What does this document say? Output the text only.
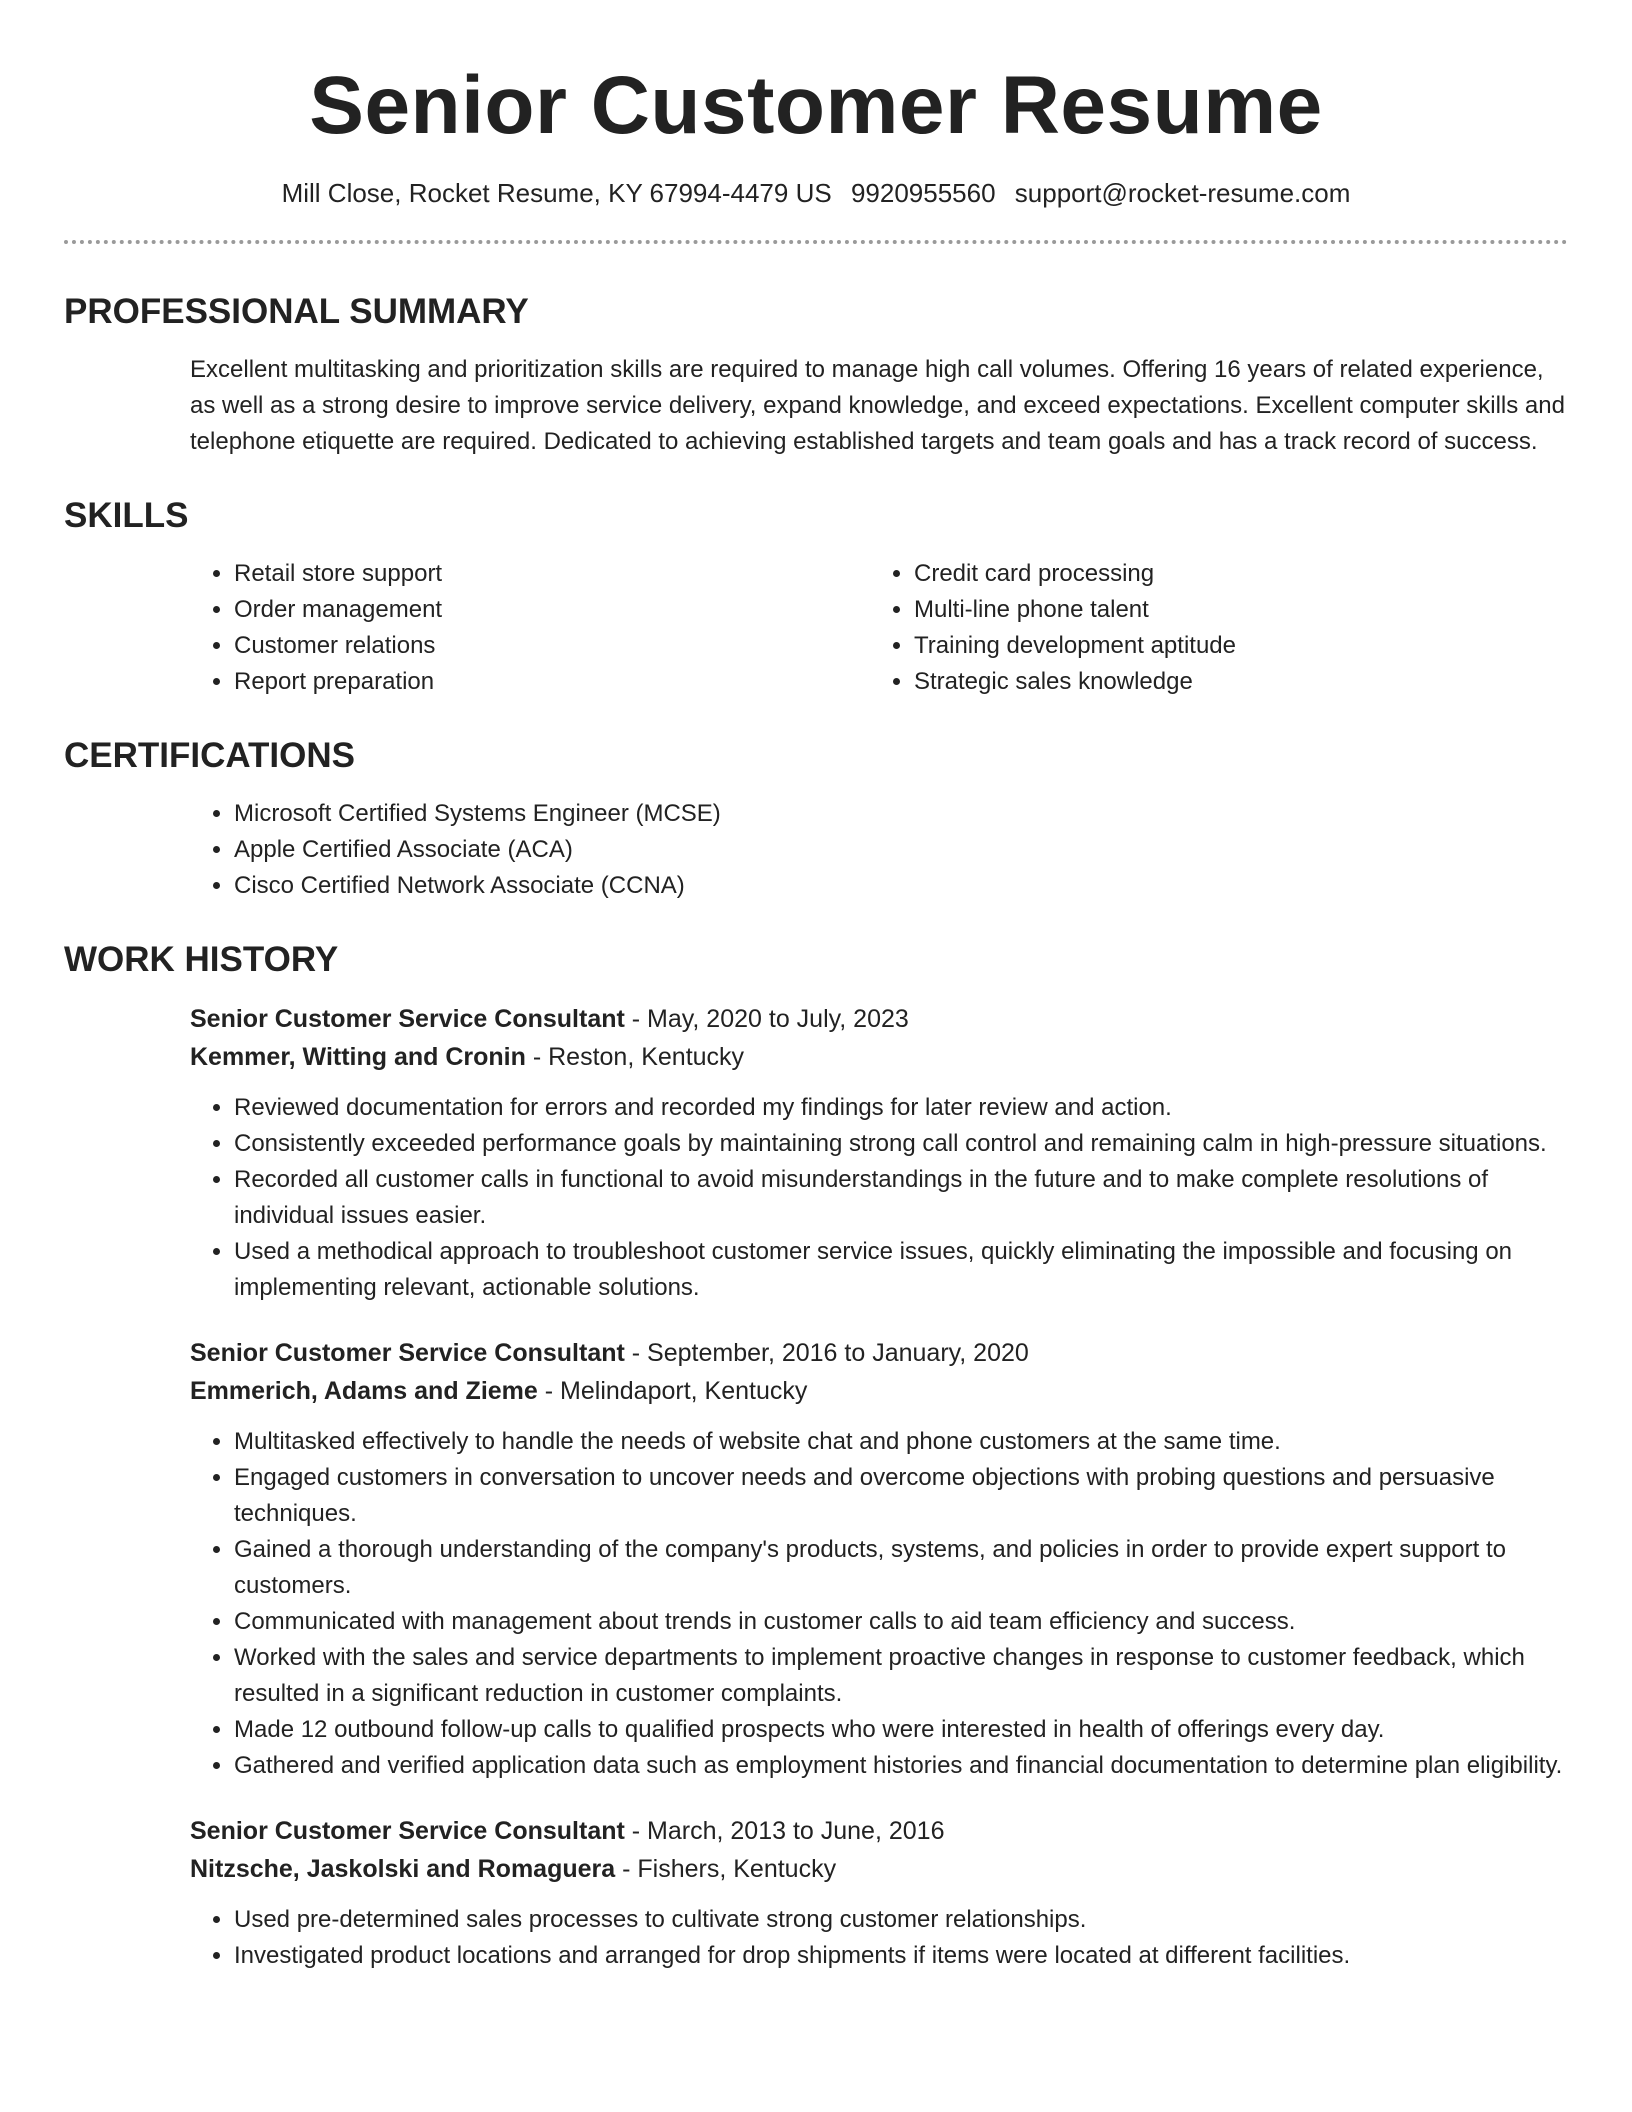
Senior Customer Resume
Mill Close, Rocket Resume, KY 67994-4479 US 9920955560 support@rocket-resume.com
PROFESSIONAL SUMMARY

Excellent multitasking and prioritization skills are required to manage high call volumes. Offering 16 years of related experience, as well as a strong desire to improve service delivery, expand knowledge, and exceed expectations. Excellent computer skills and telephone etiquette are required. Dedicated to achieving established targets and team goals and has a track record of success.

SKILLS
• Retail store support
• Order management
• Customer relations
• Report preparation
• Credit card processing
• Multi-line phone talent
• Training development aptitude
• Strategic sales knowledge
CERTIFICATIONS
• Microsoft Certified Systems Engineer (MCSE)
• Apple Certified Associate (ACA)
• Cisco Certified Network Associate (CCNA)
WORK HISTORY

Senior Customer Service Consultant - May, 2020 to July, 2023

Kemmer, Witting and Cronin - Reston, Kentucky

• Reviewed documentation for errors and recorded my findings for later review and action.
• Consistently exceeded performance goals by maintaining strong call control and remaining calm in high-pressure situations.
• Recorded all customer calls in functional to avoid misunderstandings in the future and to make complete resolutions of individual issues easier.
• Used a methodical approach to troubleshoot customer service issues, quickly eliminating the impossible and focusing on implementing relevant, actionable solutions.

Senior Customer Service Consultant - September, 2016 to January, 2020

Emmerich, Adams and Zieme - Melindaport, Kentucky

• Multitasked effectively to handle the needs of website chat and phone customers at the same time.
• Engaged customers in conversation to uncover needs and overcome objections with probing questions and persuasive techniques.
• Gained a thorough understanding of the company's products, systems, and policies in order to provide expert support to customers.
• Communicated with management about trends in customer calls to aid team efficiency and success.
• Worked with the sales and service departments to implement proactive changes in response to customer feedback, which resulted in a significant reduction in customer complaints.
• Made 12 outbound follow-up calls to qualified prospects who were interested in health of offerings every day.
• Gathered and verified application data such as employment histories and financial documentation to determine plan eligibility.

Senior Customer Service Consultant - March, 2013 to June, 2016

Nitzsche, Jaskolski and Romaguera - Fishers, Kentucky

• Used pre-determined sales processes to cultivate strong customer relationships.
• Investigated product locations and arranged for drop shipments if items were located at different facilities.
